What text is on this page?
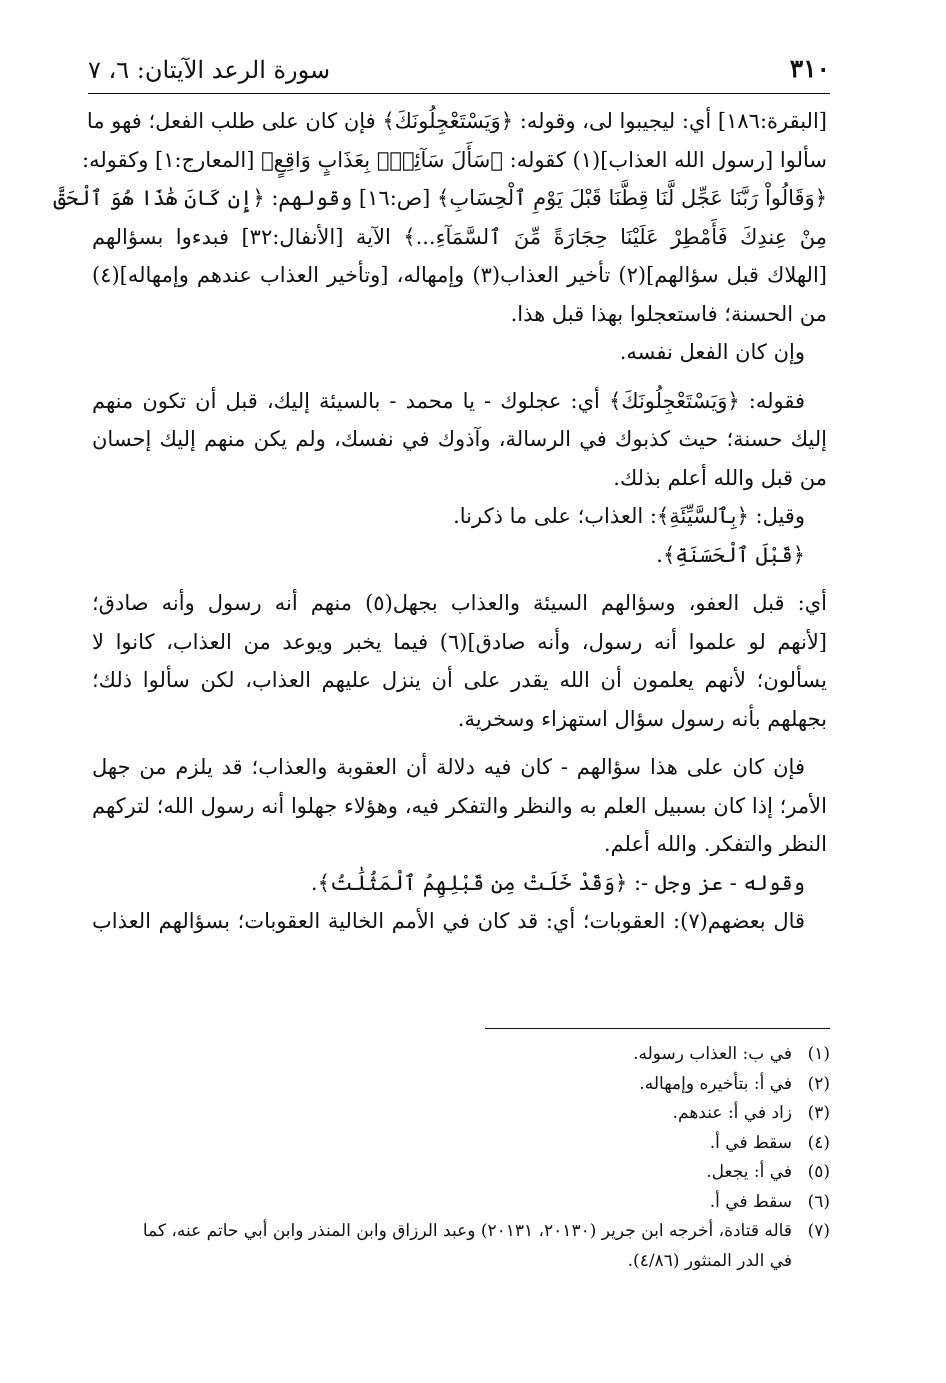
٣١٠
سورة الرعد الآيتان: ٦، ٧
[البقرة:١٨٦] أي: ليجيبوا لى، وقوله: ﴿وَيَسْتَعْجِلُونَكَ﴾ فإن كان على طلب الفعل؛ فهو ما
سألوا [رسول الله العذاب](١) كقوله: ﴿سَأَلَ سَآئِلُۢ بِعَذَابٍ وَاقِعٍ﴾ [المعارج:١] وكقوله:
﴿وَقَالُواْ رَبَّنَا عَجِّل لَّنَا قِطَّنَا قَبْلَ يَوْمِ ٱلْحِسَابِ﴾ [ص:١٦] وقولهم: ﴿إِن كَانَ هَٰذَا هُوَ ٱلْحَقَّ
مِنْ عِندِكَ فَأَمْطِرْ عَلَيْنَا حِجَارَةً مِّنَ ٱلسَّمَآءِ...﴾ الآية [الأنفال:٣٢] فبدءوا بسؤالهم
[الهلاك قبل سؤالهم](٢) تأخير العذاب(٣) وإمهاله، [وتأخير العذاب عندهم وإمهاله](٤)
من الحسنة؛ فاستعجلوا بهذا قبل هذا.
وإن كان الفعل نفسه.
فقوله: ﴿وَيَسْتَعْجِلُونَكَ﴾ أي: عجلوك - يا محمد - بالسيئة إليك، قبل أن تكون منهم
إليك حسنة؛ حيث كذبوك في الرسالة، وآذوك في نفسك، ولم يكن منهم إليك إحسان
من قبل والله أعلم بذلك.
وقيل: ﴿بِٱلسَّيِّئَةِ﴾: العذاب؛ على ما ذكرنا.
﴿قَبْلَ ٱلْحَسَنَةِ﴾.
أي: قبل العفو، وسؤالهم السيئة والعذاب بجهل(٥) منهم أنه رسول وأنه صادق؛
[لأنهم لو علموا أنه رسول، وأنه صادق](٦) فيما يخبر ويوعد من العذاب، كانوا لا
يسألون؛ لأنهم يعلمون أن الله يقدر على أن ينزل عليهم العذاب، لكن سألوا ذلك؛
بجهلهم بأنه رسول سؤال استهزاء وسخرية.
فإن كان على هذا سؤالهم - كان فيه دلالة أن العقوبة والعذاب؛ قد يلزم من جهل
الأمر؛ إذا كان بسبيل العلم به والنظر والتفكر فيه، وهؤلاء جهلوا أنه رسول الله؛ لتركهم
النظر والتفكر. والله أعلم.
وقوله - عز وجل -: ﴿وَقَدْ خَلَتْ مِن قَبْلِهِمُ ٱلْمَثُلَٰتُ﴾.
قال بعضهم(٧): العقوبات؛ أي: قد كان في الأمم الخالية العقوبات؛ بسؤالهم العذاب
(١)في ب: العذاب رسوله.
(٢)في أ: بتأخيره وإمهاله.
(٣)زاد في أ: عندهم.
(٤)سقط في أ.
(٥)في أ: يجعل.
(٦)سقط في أ.
(٧)قاله قتادة، أخرجه ابن جرير (٢٠١٣٠، ٢٠١٣١) وعبد الرزاق وابن المنذر وابن أبي حاتم عنه، كما
في الدر المنثور (٤/٨٦).
